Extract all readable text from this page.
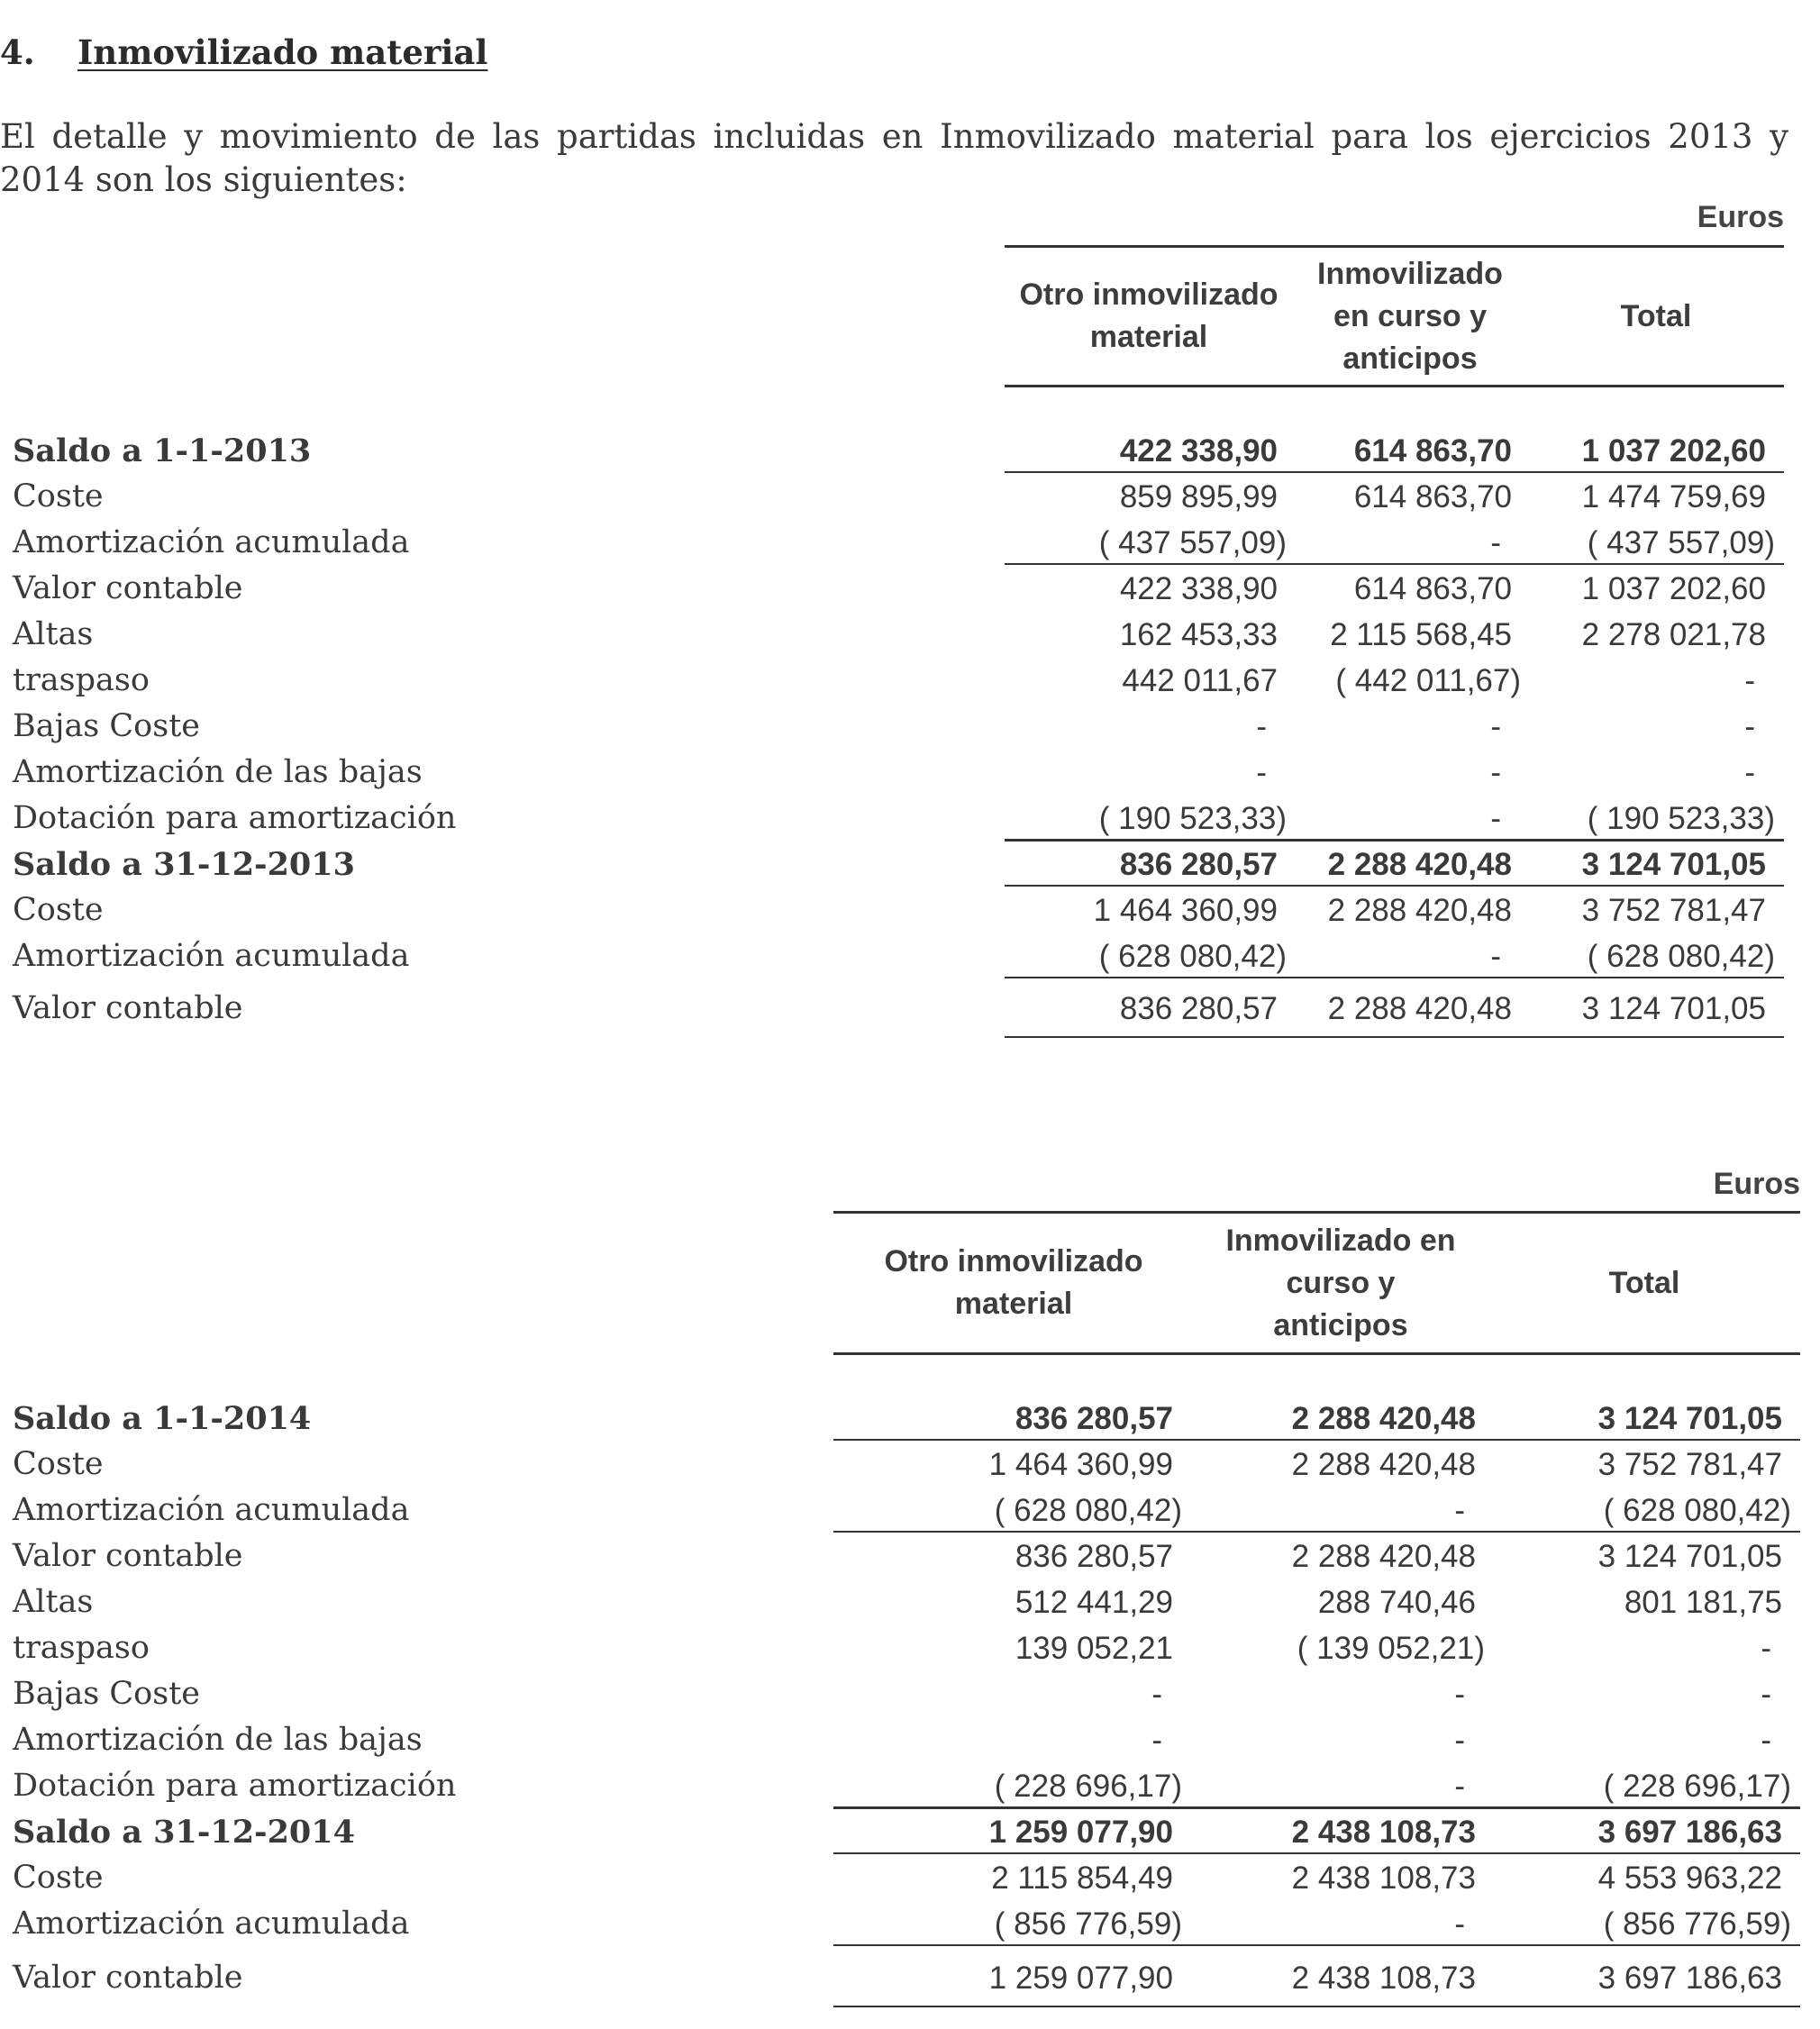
4. Inmovilizado material
El detalle y movimiento de las partidas incluidas en Inmovilizado material para los ejercicios 2013 y 2014 son los siguientes:
Euros
Otro inmovilizado
material
Inmovilizado
en curso y
anticipos
Total
Saldo a 1-1-2013	422 338,90	614 863,70	1 037 202,60
Coste	859 895,99	614 863,70	1 474 759,69
Amortización acumulada	( 437 557,09)	-	( 437 557,09)
Valor contable	422 338,90	614 863,70	1 037 202,60
Altas	162 453,33	2 115 568,45	2 278 021,78
traspaso	442 011,67	( 442 011,67)	-
Bajas Coste	-	-	-
Amortización de las bajas	-	-	-
Dotación para amortización	( 190 523,33)	-	( 190 523,33)
Saldo a 31-12-2013	836 280,57	2 288 420,48	3 124 701,05
Coste	1 464 360,99	2 288 420,48	3 752 781,47
Amortización acumulada	( 628 080,42)	-	( 628 080,42)
Valor contable	836 280,57	2 288 420,48	3 124 701,05
Euros
Otro inmovilizado
material
Inmovilizado en
curso y
anticipos
Total
Saldo a 1-1-2014	836 280,57	2 288 420,48	3 124 701,05
Coste	1 464 360,99	2 288 420,48	3 752 781,47
Amortización acumulada	( 628 080,42)	-	( 628 080,42)
Valor contable	836 280,57	2 288 420,48	3 124 701,05
Altas	512 441,29	288 740,46	801 181,75
traspaso	139 052,21	( 139 052,21)	-
Bajas Coste	-	-	-
Amortización de las bajas	-	-	-
Dotación para amortización	( 228 696,17)	-	( 228 696,17)
Saldo a 31-12-2014	1 259 077,90	2 438 108,73	3 697 186,63
Coste	2 115 854,49	2 438 108,73	4 553 963,22
Amortización acumulada	( 856 776,59)	-	( 856 776,59)
Valor contable	1 259 077,90	2 438 108,73	3 697 186,63
